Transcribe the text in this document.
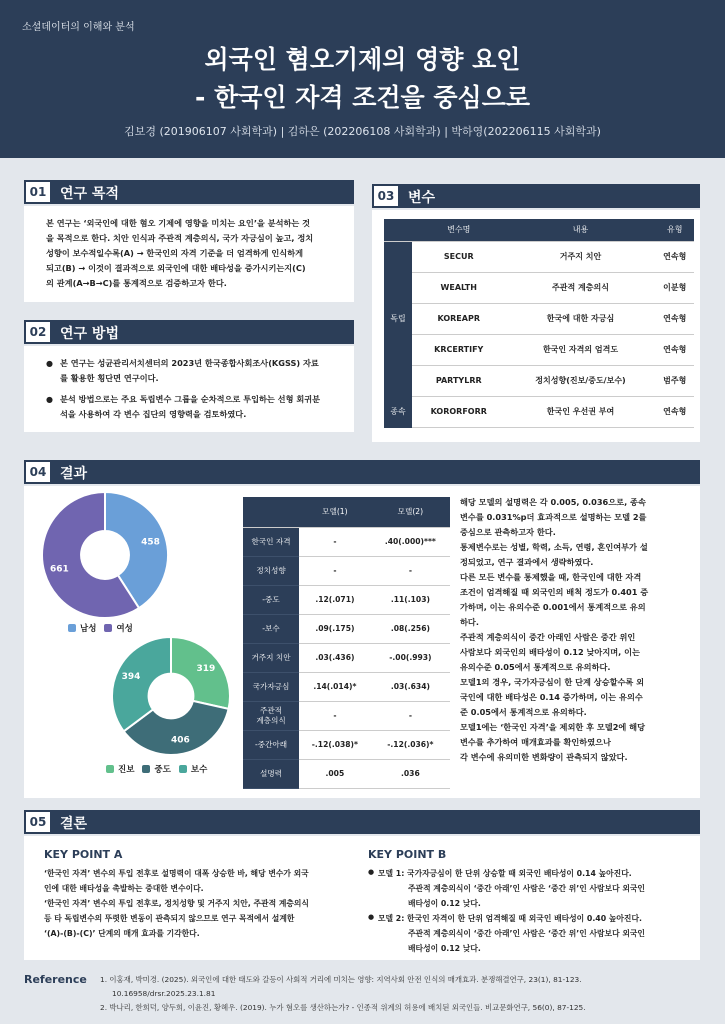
소셜데이터의 이해와 분석
외국인 혐오기제의 영향 요인
- 한국인 자격 조건을 중심으로
김보경 (201906107 사회학과) | 김하은 (202206108 사회학과) | 박하영(202206115 사회학과)
01 연구 목적
본 연구는 ‘외국인에 대한 혐오 기제에 영향을 미치는 요인’을 분석하는 것
을 목적으로 한다. 치안 인식과 주관적 계층의식, 국가 자긍심이 높고, 정치
성향이 보수적일수록(A) → 한국인의 자격 기준을 더 엄격하게 인식하게
되고(B) → 이것이 결과적으로 외국인에 대한 배타성을 증가시키는지(C)
의 관계(A→B→C)를 통계적으로 검증하고자 한다.
02 연구 방법
● 본 연구는 성균관리서치센터의 2023년 한국종합사회조사(KGSS) 자료
를 활용한 횡단면 연구이다.
● 분석 방법으로는 주요 독립변수 그룹을 순차적으로 투입하는 선형 회귀분
석을 사용하여 각 변수 집단의 영향력을 검토하였다.
03 변수
	변수명	내용	유형
독립	SECUR	거주지 치안	연속형
	WEALTH	주관적 계층의식	이분형
	KOREAPR	한국에 대한 자긍심	연속형
	KRCERTIFY	한국인 자격의 엄격도	연속형
	PARTYLRR	정치성향(진보/중도/보수)	범주형
종속	KORORFORR	한국인 우선권 부여	연속형
04 결과
458
661
남성 여성
319
406
394
진보 중도 보수
	모델(1)	모델(2)
한국인 자격	-	.40(.000)***
정치성향	-	-
-중도	.12(.071)	.11(.103)
-보수	.09(.175)	.08(.256)
거주지 치안	.03(.436)	-.00(.993)
국가자긍심	.14(.014)*	.03(.634)
주관적
계층의식	-	-
-중간아래	-.12(.038)*	-.12(.036)*
설명력	.005	.036
해당 모델의 설명력은 각 0.005, 0.036으로, 종속
변수를 0.031%p더 효과적으로 설명하는 모델 2를
중심으로 관측하고자 한다.
통제변수로는 성별, 학력, 소득, 연령, 혼인여부가 설
정되었고, 연구 결과에서 생략하였다.
다른 모든 변수를 통제했을 때, 한국인에 대한 자격
조건이 엄격해질 때 외국인의 배척 정도가 0.401 증
가하며, 이는 유의수준 0.001에서 통계적으로 유의
하다.
주관적 계층의식이 중간 아래인 사람은 중간 위인
사람보다 외국인의 배타성이 0.12 낮아지며, 이는
유의수준 0.05에서 통계적으로 유의하다.
모델1의 경우, 국가자긍심이 한 단계 상승할수록 외
국인에 대한 배타성은 0.14 증가하며, 이는 유의수
준 0.05에서 통계적으로 유의하다.
모델1에는 ‘한국인 자격’을 제외한 후 모델2에 해당
변수를 추가하여 매개효과를 확인하였으나
각 변수에 유의미한 변화량이 관측되지 않았다.
05 결론
KEY POINT A
‘한국인 자격’ 변수의 투입 전후로 설명력이 대폭 상승한 바, 해당 변수가 외국
인에 대한 배타성을 촉발하는 중대한 변수이다.
‘한국인 자격’ 변수의 투입 전후로, 정치성향 및 거주지 치안, 주관적 계층의식
등 타 독립변수의 뚜렷한 변동이 관측되지 않으므로 연구 목적에서 설계한
‘(A)-(B)-(C)’ 단계의 매개 효과를 기각한다.
KEY POINT B
● 모델 1: 국가자긍심이 한 단위 상승할 때 외국인 배타성이 0.14 높아진다.
주관적 계층의식이 ‘중간 아래’인 사람은 ‘중간 위’인 사람보다 외국인
배타성이 0.12 낮다.
● 모델 2: 한국인 자격이 한 단위 엄격해질 때 외국인 배타성이 0.40 높아진다.
주관적 계층의식이 ‘중간 아래’인 사람은 ‘중간 위’인 사람보다 외국인
배타성이 0.12 낮다.
Reference 1. 이홍재, 박미경. (2025). 외국인에 대한 태도와 갈등이 사회적 거리에 미치는 영향: 지역사회 안전 인식의 매개효과. 분쟁해결연구, 23(1), 81-123.
10.16958/drsr.2025.23.1.81
2. 박나리, 한희덕, 양두희, 이윤진, 황혜우. (2019). 누가 혐오를 생산하는가? - 인종적 위계의 허용에 배치된 외국인들. 비교문화연구, 56(0), 87-125.
